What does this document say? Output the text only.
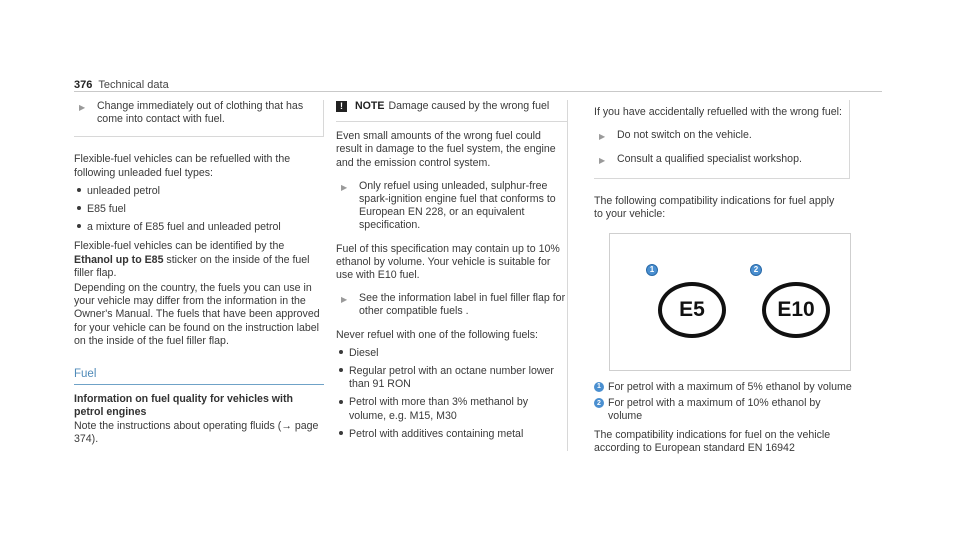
376 Technical data
▶	Change immediately out of clothing that has come into contact with fuel.
Flexible-fuel vehicles can be refuelled with the following unleaded fuel types:
unleaded petrol
E85 fuel
a mixture of E85 fuel and unleaded petrol
Flexible-fuel vehicles can be identified by the Ethanol up to E85 sticker on the inside of the fuel filler flap.
Depending on the country, the fuels you can use in your vehicle may differ from the information in the Owner's Manual. The fuels that have been approved for your vehicle can be found on the instruction label on the inside of the fuel filler flap.
Fuel
Information on fuel quality for vehicles with petrol engines
Note the instructions about operating fluids (→ page 374).
!	NOTE Damage caused by the wrong fuel
Even small amounts of the wrong fuel could result in damage to the fuel system, the engine and the emission control system.
▶	Only refuel using unleaded, sulphur-free spark-ignition engine fuel that conforms to European EN 228, or an equivalent specification.
Fuel of this specification may contain up to 10% ethanol by volume. Your vehicle is suitable for use with E10 fuel.
▶	See the information label in fuel filler flap for other compatible fuels .
Never refuel with one of the following fuels:
Diesel
Regular petrol with an octane number lower than 91 RON
Petrol with more than 3% methanol by volume, e.g. M15, M30
Petrol with additives containing metal
If you have accidentally refuelled with the wrong fuel:
▶	Do not switch on the vehicle.
▶	Consult a qualified specialist workshop.
The following compatibility indications for fuel apply to your vehicle:
1	2
E5	E10
1 For petrol with a maximum of 5% ethanol by volume
2 For petrol with a maximum of 10% ethanol by volume
The compatibility indications for fuel on the vehicle according to European standard EN 16942
